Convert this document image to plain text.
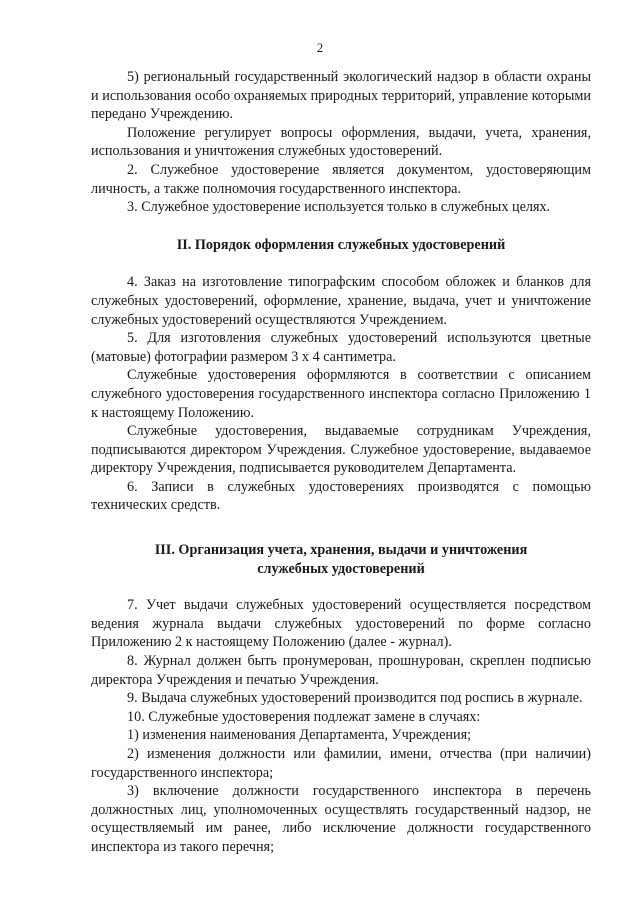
2

5) региональный государственный экологический надзор в области охраны и использования особо охраняемых природных территорий, управление которыми передано Учреждению.

Положение регулирует вопросы оформления, выдачи, учета, хранения, использования и уничтожения служебных удостоверений.

2. Служебное удостоверение является документом, удостоверяющим личность, а также полномочия государственного инспектора.

3. Служебное удостоверение используется только в служебных целях.

II. Порядок оформления служебных удостоверений

4. Заказ на изготовление типографским способом обложек и бланков для служебных удостоверений, оформление, хранение, выдача, учет и уничтожение служебных удостоверений осуществляются Учреждением.

5. Для изготовления служебных удостоверений используются цветные (матовые) фотографии размером 3 х 4 сантиметра.

Служебные удостоверения оформляются в соответствии с описанием служебного удостоверения государственного инспектора согласно Приложению 1 к настоящему Положению.

Служебные удостоверения, выдаваемые сотрудникам Учреждения, подписываются директором Учреждения. Служебное удостоверение, выдаваемое директору Учреждения, подписывается руководителем Департамента.

6. Записи в служебных удостоверениях производятся с помощью технических средств.

III. Организация учета, хранения, выдачи и уничтожения
служебных удостоверений

7. Учет выдачи служебных удостоверений осуществляется посредством ведения журнала выдачи служебных удостоверений по форме согласно Приложению 2 к настоящему Положению (далее - журнал).

8. Журнал должен быть пронумерован, прошнурован, скреплен подписью директора Учреждения и печатью Учреждения.

9. Выдача служебных удостоверений производится под роспись в журнале.

10. Служебные удостоверения подлежат замене в случаях:

1) изменения наименования Департамента, Учреждения;

2) изменения должности или фамилии, имени, отчества (при наличии) государственного инспектора;

3) включение должности государственного инспектора в перечень должностных лиц, уполномоченных осуществлять государственный надзор, не осуществляемый им ранее, либо исключение должности государственного инспектора из такого перечня;
